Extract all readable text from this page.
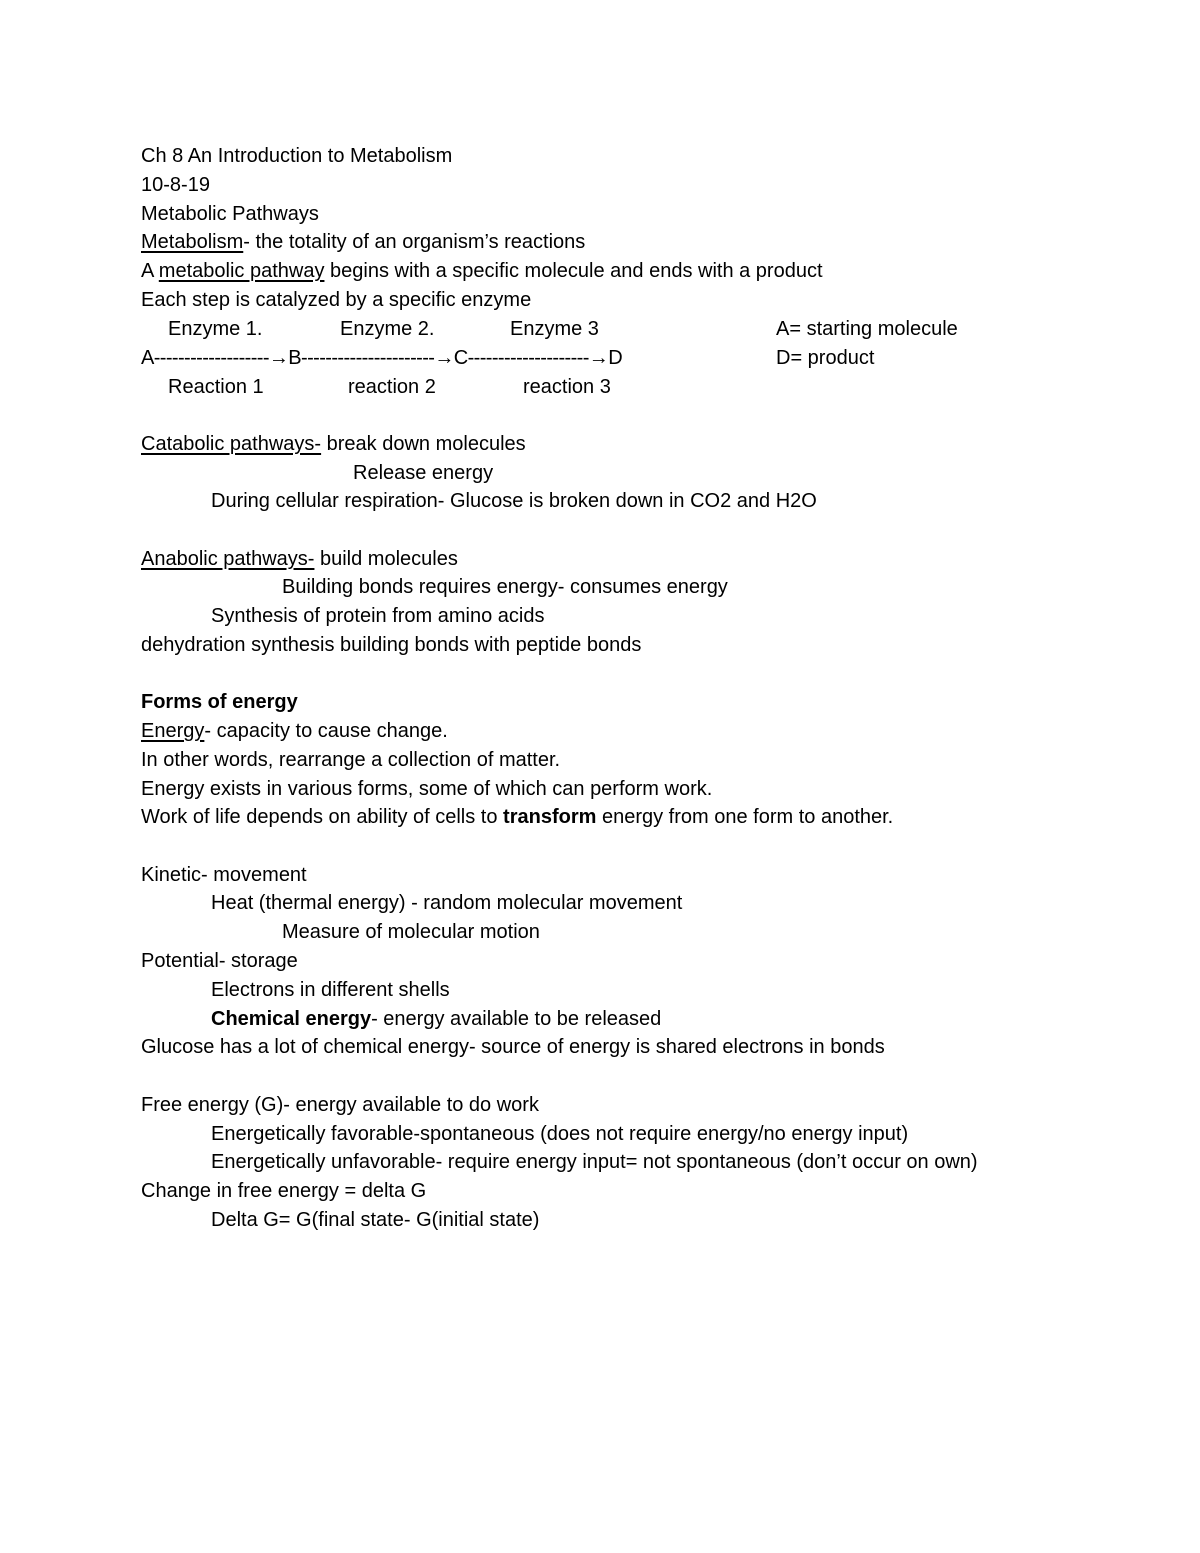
Ch 8 An Introduction to Metabolism
10-8-19
Metabolic Pathways
Metabolism- the totality of an organism’s reactions
A metabolic pathway begins with a specific molecule and ends with a product
Each step is catalyzed by a specific enzyme
Enzyme 1.	Enzyme 2.	Enzyme 3	A= starting molecule
A-------------------→B----------------------→C--------------------→D	D= product
Reaction 1	reaction 2	reaction 3
Catabolic pathways- break down molecules
Release energy
During cellular respiration- Glucose is broken down in CO2 and H2O
Anabolic pathways- build molecules
Building bonds requires energy- consumes energy
Synthesis of protein from amino acids
dehydration synthesis building bonds with peptide bonds
Forms of energy
Energy- capacity to cause change.
In other words, rearrange a collection of matter.
Energy exists in various forms, some of which can perform work.
Work of life depends on ability of cells to transform energy from one form to another.
Kinetic- movement
Heat (thermal energy) - random molecular movement
Measure of molecular motion
Potential- storage
Electrons in different shells
Chemical energy- energy available to be released
Glucose has a lot of chemical energy- source of energy is shared electrons in bonds
Free energy (G)- energy available to do work
Energetically favorable-spontaneous (does not require energy/no energy input)
Energetically unfavorable- require energy input= not spontaneous (don’t occur on own)
Change in free energy = delta G
Delta G= G(final state- G(initial state)
